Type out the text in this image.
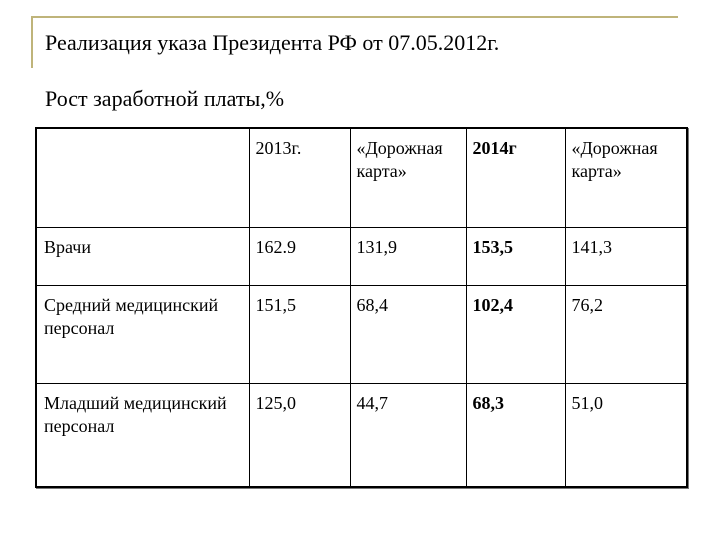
Реализация указа Президента РФ от 07.05.2012г.
Рост заработной платы,%
	2013г.	«Дорожная карта»	2014г	«Дорожная карта»
Врачи	162.9	131,9	153,5	141,3
Средний медицинский персонал	151,5	68,4	102,4	76,2
Младший медицинский персонал	125,0	44,7	68,3	51,0
